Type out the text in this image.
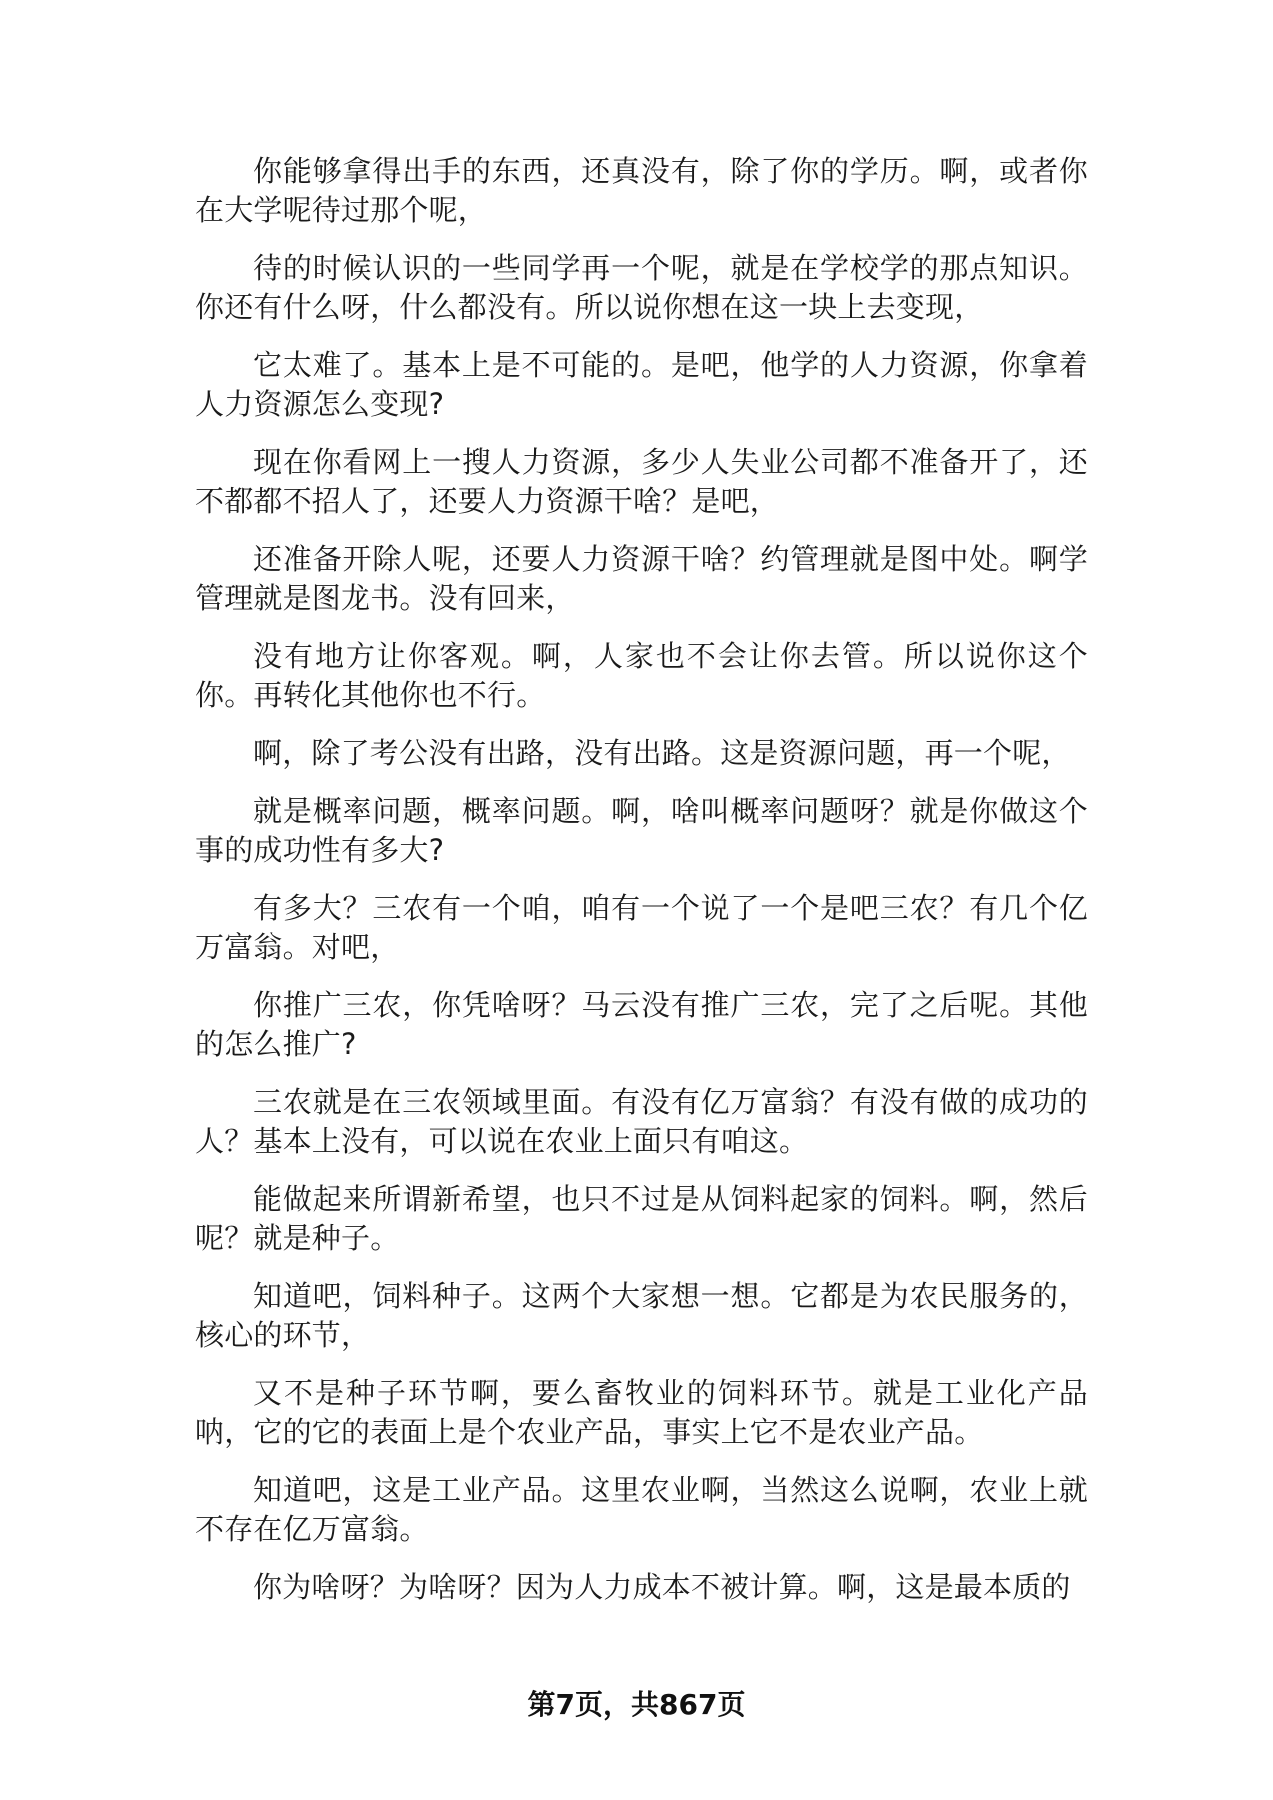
你能够拿得出手的东西，还真没有，除了你的学历。啊，或者你在大学呢待过那个呢，

待的时候认识的一些同学再一个呢，就是在学校学的那点知识。你还有什么呀，什么都没有。所以说你想在这一块上去变现，

它太难了。基本上是不可能的。是吧，他学的人力资源，你拿着人力资源怎么变现?

现在你看网上一搜人力资源，多少人失业公司都不准备开了，还不都都不招人了，还要人力资源干啥？是吧，

还准备开除人呢，还要人力资源干啥？约管理就是图中处。啊学管理就是图龙书。没有回来，

没有地方让你客观。啊，人家也不会让你去管。所以说你这个你。再转化其他你也不行。

啊，除了考公没有出路，没有出路。这是资源问题，再一个呢，

就是概率问题，概率问题。啊，啥叫概率问题呀？就是你做这个事的成功性有多大?

有多大？三农有一个咱，咱有一个说了一个是吧三农？有几个亿万富翁。对吧，

你推广三农，你凭啥呀？马云没有推广三农，完了之后呢。其他的怎么推广?

三农就是在三农领域里面。有没有亿万富翁？有没有做的成功的人？基本上没有，可以说在农业上面只有咱这。

能做起来所谓新希望，也只不过是从饲料起家的饲料。啊，然后呢？就是种子。

知道吧，饲料种子。这两个大家想一想。它都是为农民服务的，核心的环节，

又不是种子环节啊，要么畜牧业的饲料环节。就是工业化产品呐，它的它的表面上是个农业产品，事实上它不是农业产品。

知道吧，这是工业产品。这里农业啊，当然这么说啊，农业上就不存在亿万富翁。

你为啥呀？为啥呀？因为人力成本不被计算。啊，这是最本质的

第7页，共867页
